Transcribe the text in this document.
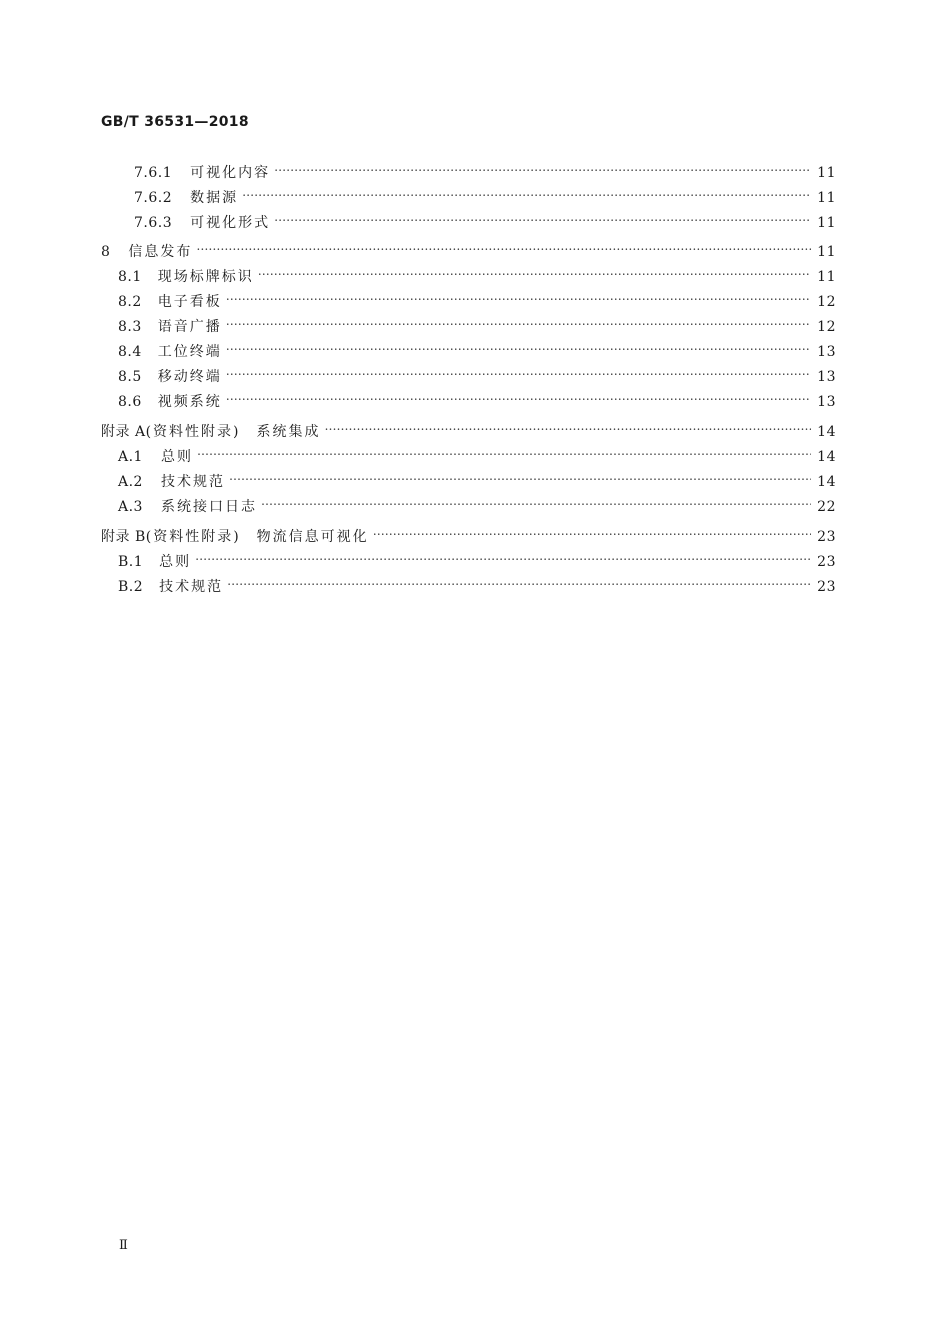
GB/T 36531—2018
7.6.1 可视化内容 …………………………………………………………………………………………………………………………………………………………………………………………………………………………………………	11
7.6.2 数据源 …………………………………………………………………………………………………………………………………………………………………………………………………………………………………………	11
7.6.3 可视化形式 …………………………………………………………………………………………………………………………………………………………………………………………………………………………………………	11
8 信息发布 …………………………………………………………………………………………………………………………………………………………………………………………………………………………………………	11
8.1 现场标牌标识 …………………………………………………………………………………………………………………………………………………………………………………………………………………………………………	11
8.2 电子看板 …………………………………………………………………………………………………………………………………………………………………………………………………………………………………………	12
8.3 语音广播 …………………………………………………………………………………………………………………………………………………………………………………………………………………………………………	12
8.4 工位终端 …………………………………………………………………………………………………………………………………………………………………………………………………………………………………………	13
8.5 移动终端 …………………………………………………………………………………………………………………………………………………………………………………………………………………………………………	13
8.6 视频系统 …………………………………………………………………………………………………………………………………………………………………………………………………………………………………………	13
附录 A (资料性附录)　系统集成 …………………………………………………………………………………………………………………………………………………………………………………………………………………………………………	14
A.1 总则 …………………………………………………………………………………………………………………………………………………………………………………………………………………………………………	14
A.2 技术规范 …………………………………………………………………………………………………………………………………………………………………………………………………………………………………………	14
A.3 系统接口日志 …………………………………………………………………………………………………………………………………………………………………………………………………………………………………………	22
附录 B (资料性附录)　物流信息可视化 …………………………………………………………………………………………………………………………………………………………………………………………………………………………………………	23
B.1 总则 …………………………………………………………………………………………………………………………………………………………………………………………………………………………………………	23
B.2 技术规范 …………………………………………………………………………………………………………………………………………………………………………………………………………………………………………	23
Ⅱ
